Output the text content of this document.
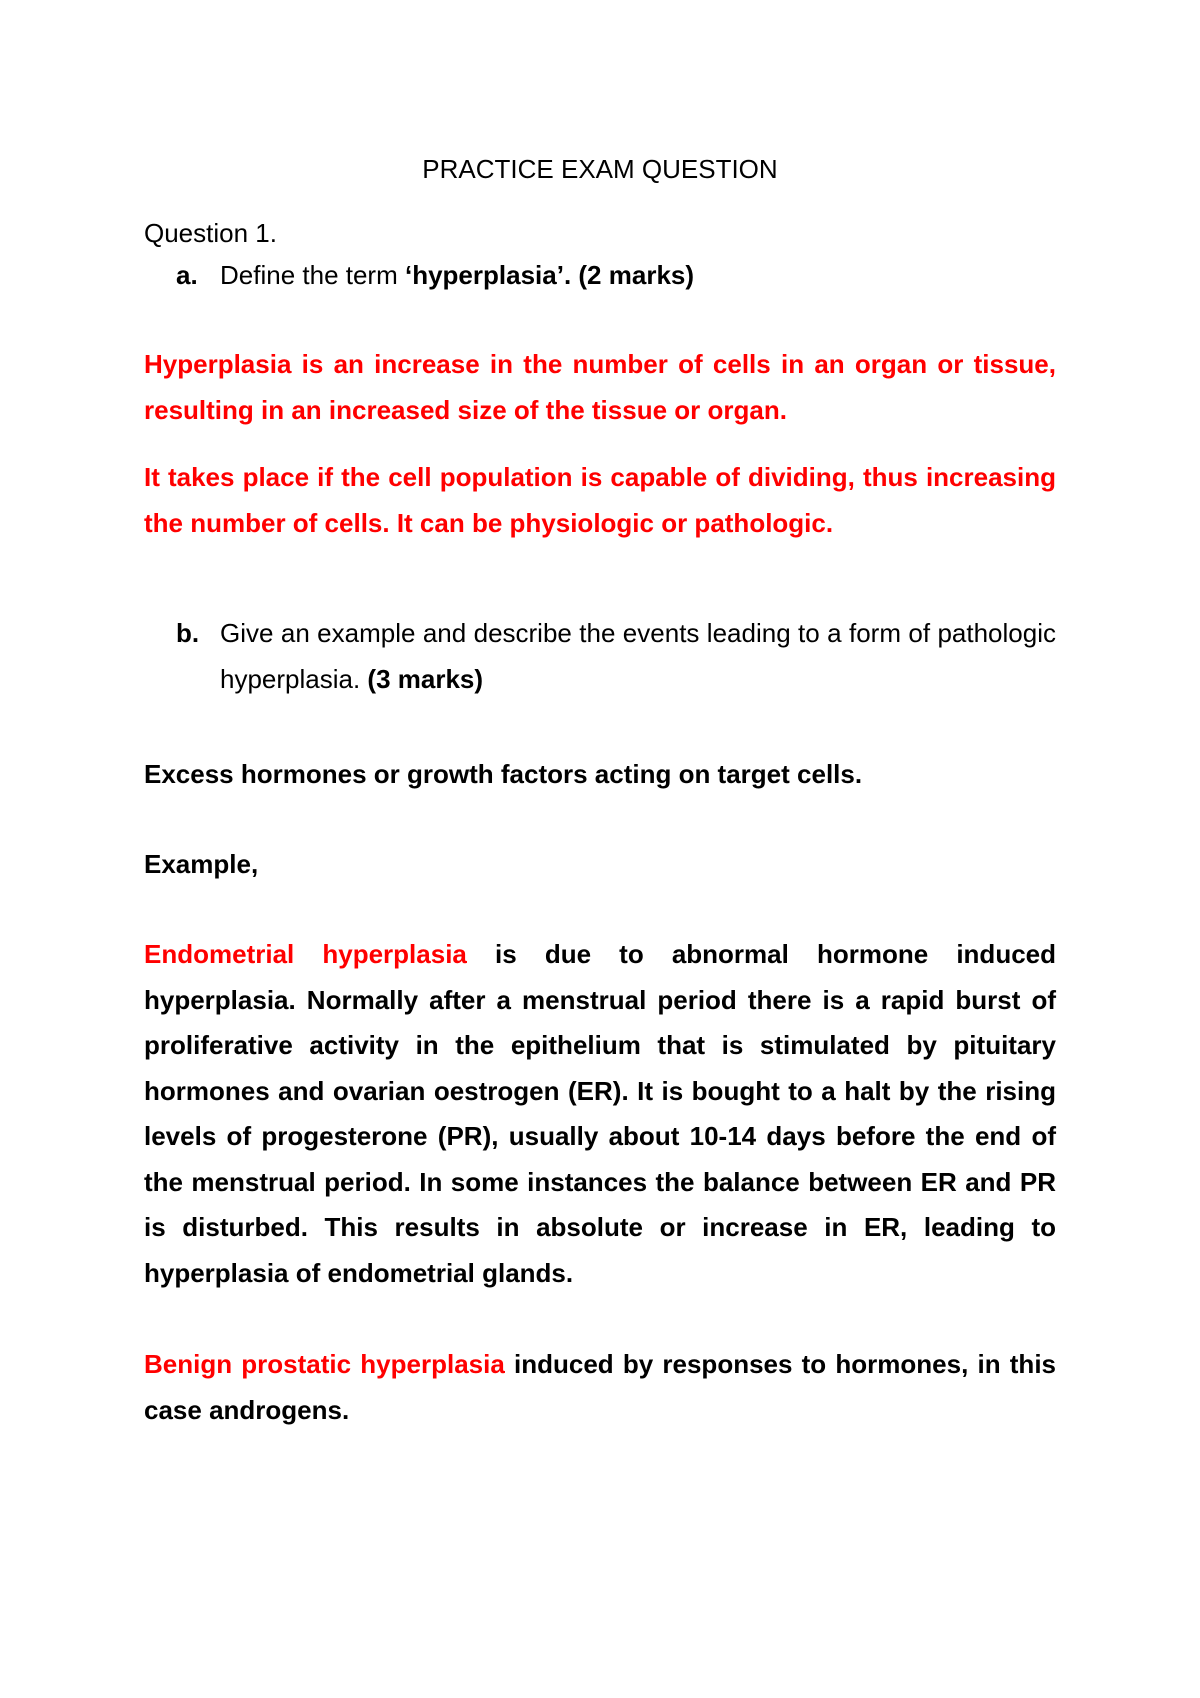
PRACTICE EXAM QUESTION
Question 1.
a. Define the term ‘hyperplasia’. (2 marks)

Hyperplasia is an increase in the number of cells in an organ or tissue, resulting in an increased size of the tissue or organ.

It takes place if the cell population is capable of dividing, thus increasing the number of cells. It can be physiologic or pathologic.

b. Give an example and describe the events leading to a form of pathologic hyperplasia. (3 marks)

Excess hormones or growth factors acting on target cells.

Example,

Endometrial hyperplasia is due to abnormal hormone induced hyperplasia. Normally after a menstrual period there is a rapid burst of proliferative activity in the epithelium that is stimulated by pituitary hormones and ovarian oestrogen (ER). It is bought to a halt by the rising levels of progesterone (PR), usually about 10-14 days before the end of the menstrual period. In some instances the balance between ER and PR is disturbed. This results in absolute or increase in ER, leading to hyperplasia of endometrial glands.

Benign prostatic hyperplasia induced by responses to hormones, in this case androgens.
